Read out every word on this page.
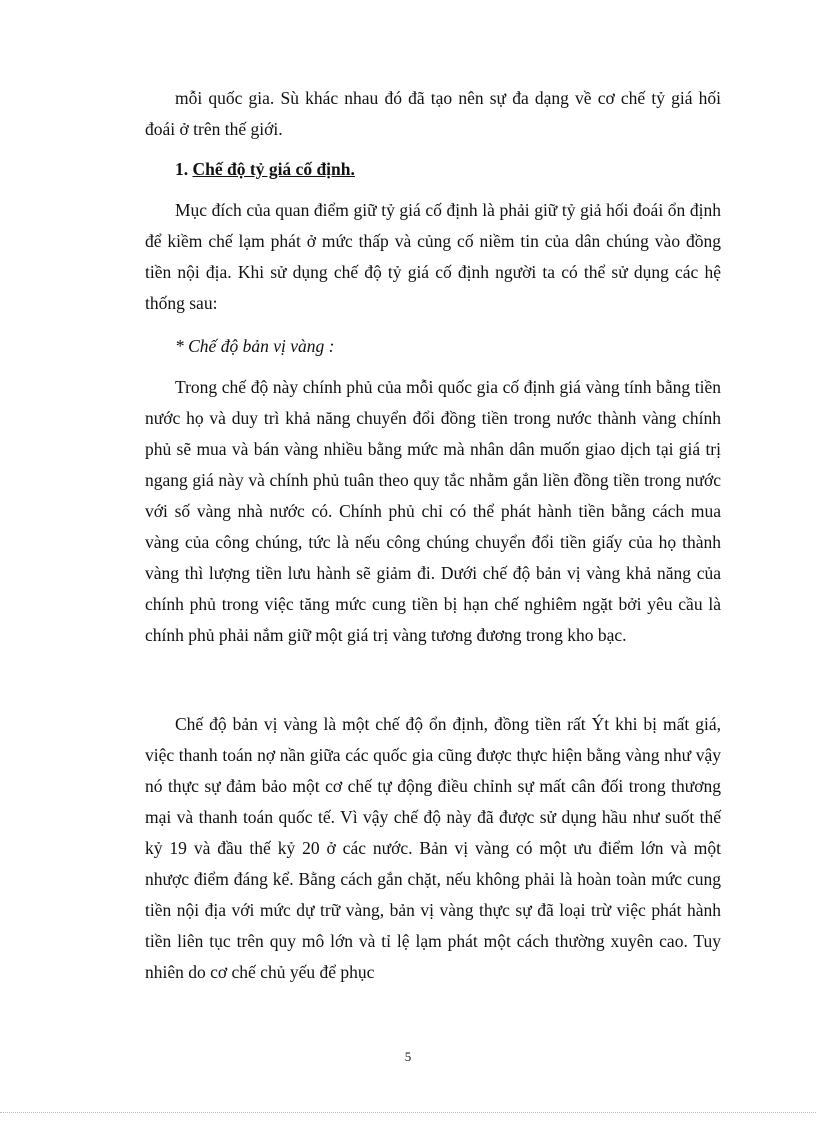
mỗi quốc gia. Sù khác nhau đó đã tạo nên sự đa dạng về cơ chế tỷ giá hối đoái ở trên thế giới.

1. Chế độ tỷ giá cố định.

Mục đích của quan điểm giữ tỷ giá cố định là phải giữ tỷ giả hối đoái ổn định để kiềm chế lạm phát ở mức thấp và củng cố niềm tin của dân chúng vào đồng tiền nội địa. Khi sử dụng chế độ tỷ giá cố định người ta có thể sử dụng các hệ thống sau:

* Chế độ bản vị vàng :

Trong chế độ này chính phủ của mỗi quốc gia cố định giá vàng tính bằng tiền nước họ và duy trì khả năng chuyển đổi đồng tiền trong nước thành vàng chính phủ sẽ mua và bán vàng nhiều bằng mức mà nhân dân muốn giao dịch tại giá trị ngang giá này và chính phủ tuân theo quy tắc nhằm gắn liền đồng tiền trong nước với số vàng nhà nước có. Chính phủ chỉ có thể phát hành tiền bằng cách mua vàng của công chúng, tức là nếu công chúng chuyển đổi tiền giấy của họ thành vàng thì lượng tiền lưu hành sẽ giảm đi. Dưới chế độ bản vị vàng khả năng của chính phủ trong việc tăng mức cung tiền bị hạn chế nghiêm ngặt bởi yêu cầu là chính phủ phải nắm giữ một giá trị vàng tương đương trong kho bạc.

Chế độ bản vị vàng là một chế độ ổn định, đồng tiền rất Ýt khi bị mất giá, việc thanh toán nợ nần giữa các quốc gia cũng được thực hiện bằng vàng như vậy nó thực sự đảm bảo một cơ chế tự động điều chỉnh sự mất cân đối trong thương mại và thanh toán quốc tế. Vì vậy chế độ này đã được sử dụng hầu như suốt thế kỷ 19 và đầu thế kỷ 20 ở các nước. Bản vị vàng có một ưu điểm lớn và một nhược điểm đáng kể. Bằng cách gắn chặt, nếu không phải là hoàn toàn mức cung tiền nội địa với mức dự trữ vàng, bản vị vàng thực sự đã loại trừ việc phát hành tiền liên tục trên quy mô lớn và tỉ lệ lạm phát một cách thường xuyên cao. Tuy nhiên do cơ chế chủ yếu để phục

5
